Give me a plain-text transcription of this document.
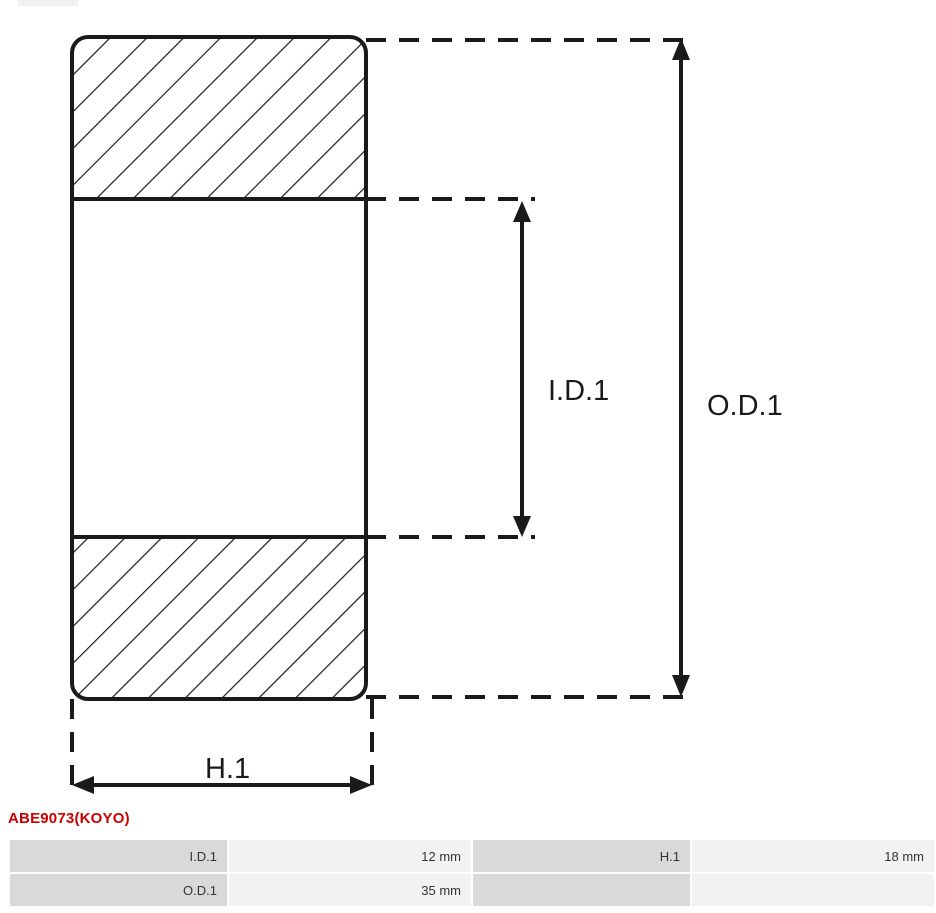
I.D.1	O.D.1
H.1
ABE9073(KOYO)
I.D.1	12 mm	H.1	18 mm
O.D.1	35 mm		
